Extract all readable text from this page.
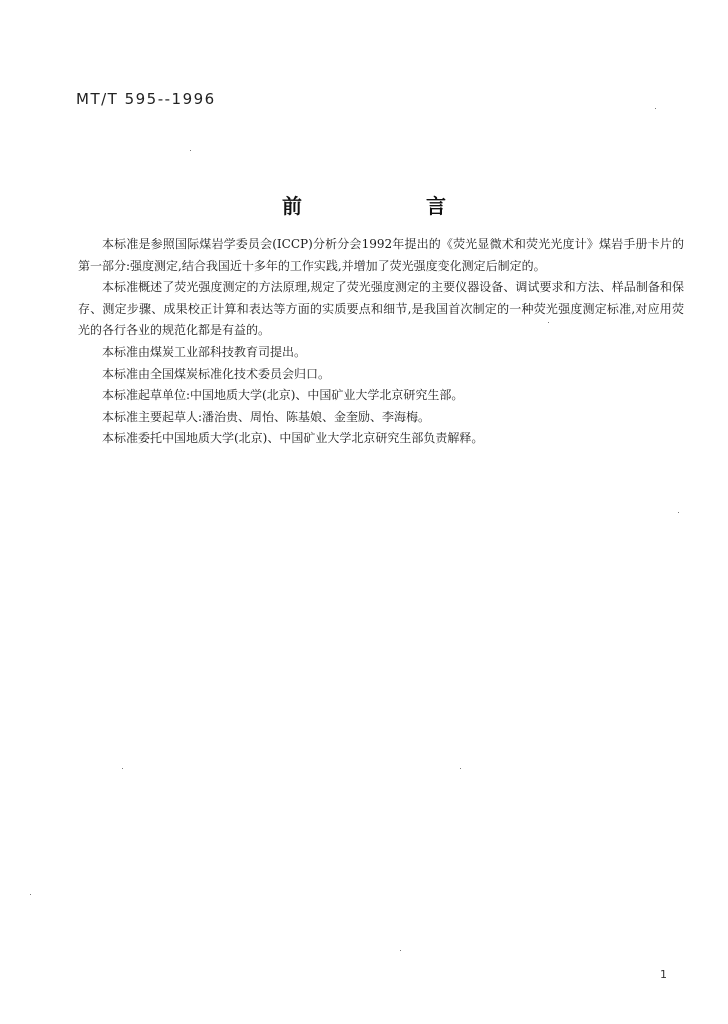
MT/T 595--1996
前　言

本标准是参照国际煤岩学委员会(ICCP)分析分会1992年提出的《荧光显微术和荧光光度计》煤岩手册卡片的第一部分:强度测定,结合我国近十多年的工作实践,并增加了荧光强度变化测定后制定的。

本标准概述了荧光强度测定的方法原理,规定了荧光强度测定的主要仪器设备、调试要求和方法、样品制备和保存、测定步骤、成果校正计算和表达等方面的实质要点和细节,是我国首次制定的一种荧光强度测定标准,对应用荧光的各行各业的规范化都是有益的。

本标准由煤炭工业部科技教育司提出。

本标准由全国煤炭标准化技术委员会归口。

本标准起草单位:中国地质大学(北京)、中国矿业大学北京研究生部。

本标准主要起草人:潘治贵、周怡、陈基娘、金奎励、李海梅。

本标准委托中国地质大学(北京)、中国矿业大学北京研究生部负责解释。

1
